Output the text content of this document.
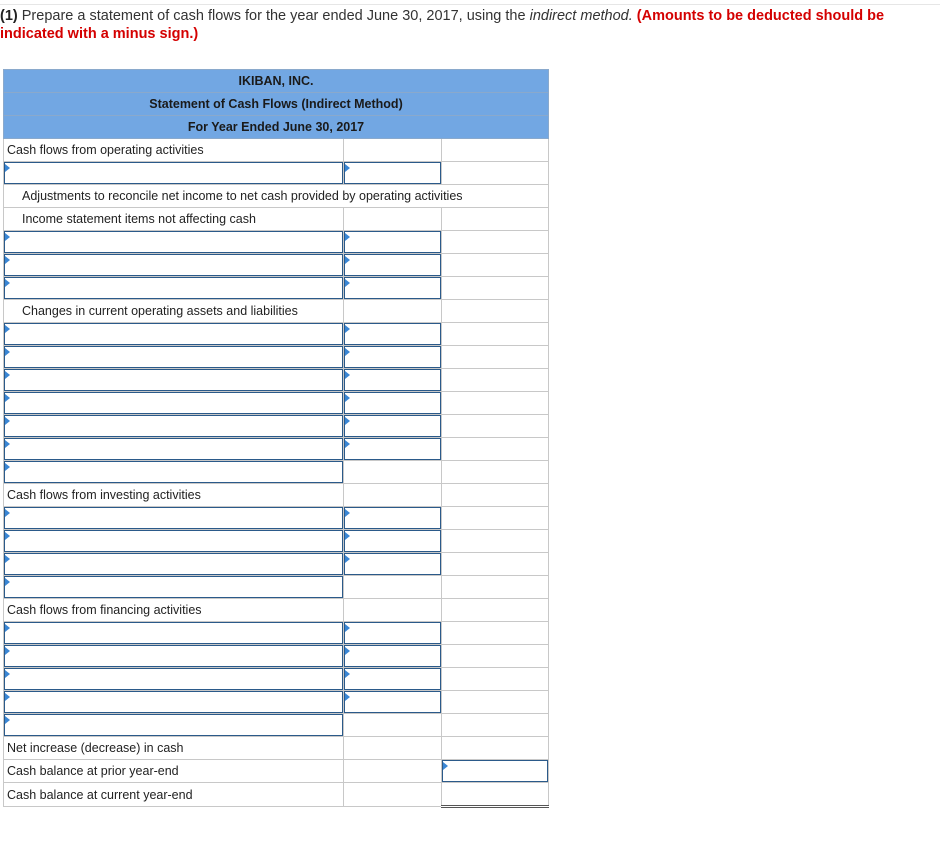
(1) Prepare a statement of cash flows for the year ended June 30, 2017, using the indirect method. (Amounts to be deducted should be indicated with a minus sign.)
IKIBAN, INC.		
Statement of Cash Flows (Indirect Method)		
For Year Ended June 30, 2017		
Cash flows from operating activities		

Adjustments to reconcile net income to net cash provided by operating activities		
Income statement items not affecting cash		

Changes in current operating assets and liabilities		

Cash flows from investing activities		

Cash flows from financing activities		

Net increase (decrease) in cash		
Cash balance at prior year-end		

Cash balance at current year-end		
